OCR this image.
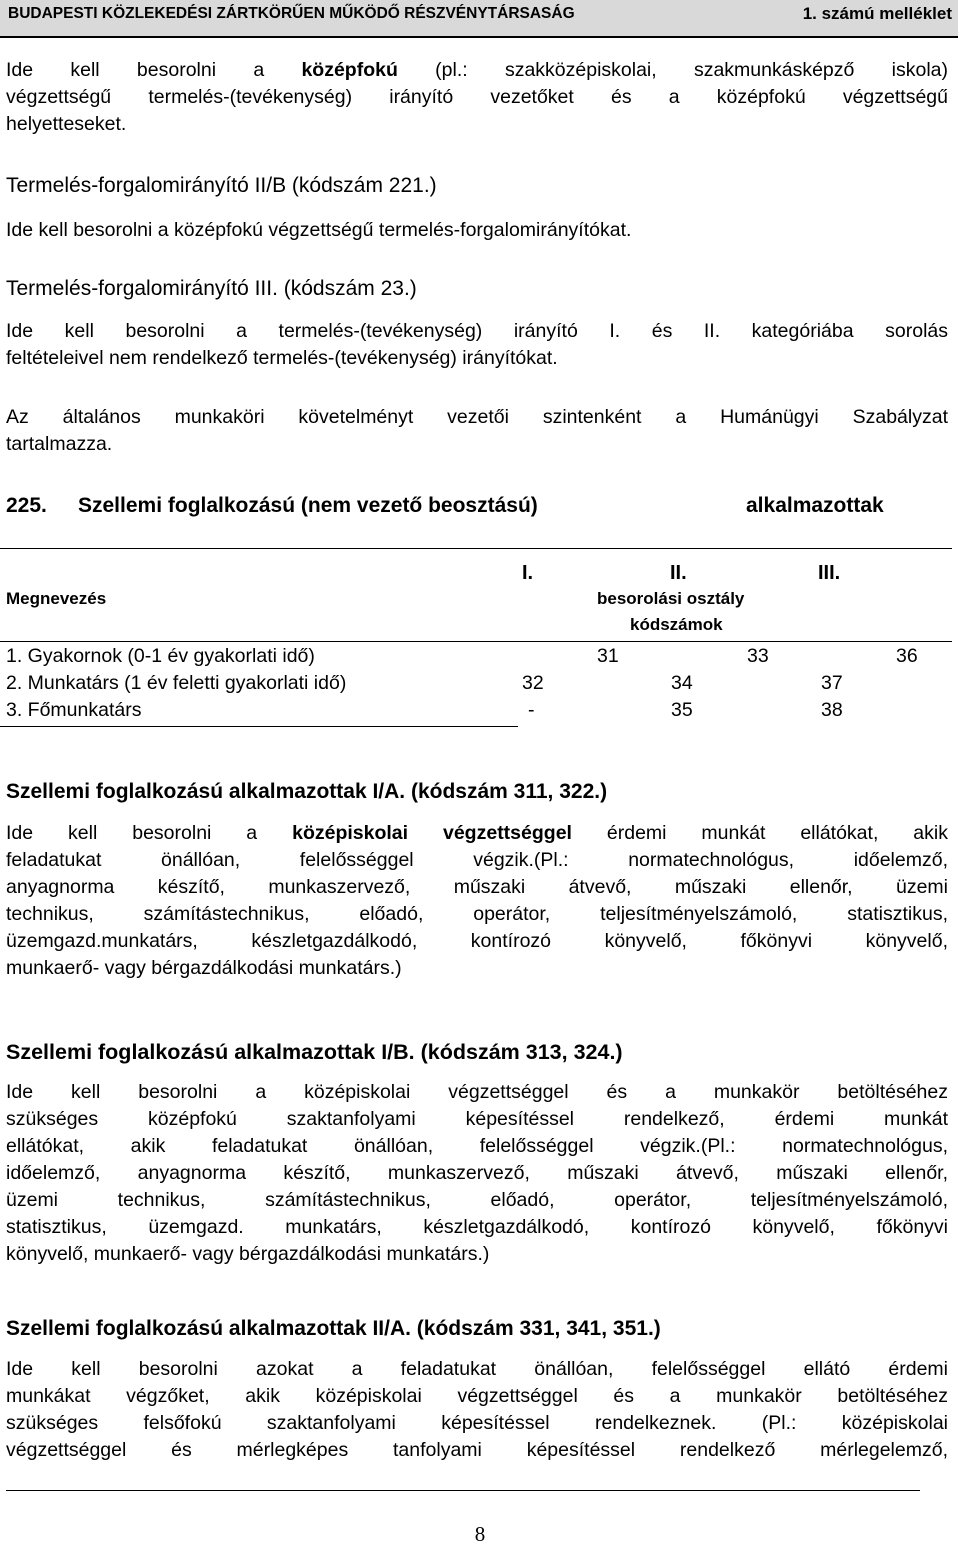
BUDAPESTI KÖZLEKEDÉSI ZÁRTKÖRŰEN MŰKÖDŐ RÉSZVÉNYTÁRSASÁG	1. számú melléklet
Ide kell besorolni a középfokú (pl.: szakközépiskolai, szakmunkásképző iskola)
végzettségű termelés-(tevékenység) irányító vezetőket és a középfokú végzettségű
helyetteseket.
Termelés-forgalomirányító II/B (kódszám 221.)
Ide kell besorolni a középfokú végzettségű termelés-forgalomirányítókat.
Termelés-forgalomirányító III. (kódszám 23.)
Ide kell besorolni a termelés-(tevékenység) irányító I. és II. kategóriába sorolás
feltételeivel nem rendelkező termelés-(tevékenység) irányítókat.
Az általános munkaköri követelményt vezetői szintenként a Humánügyi Szabályzat
tartalmazza.
225. Szellemi foglalkozású (nem vezető beosztású)	alkalmazottak
I.	II.	III.
Megnevezés	besorolási osztály
kódszámok
1. Gyakornok (0-1 év gyakorlati idő)	31	33	36
2. Munkatárs (1 év feletti gyakorlati idő)	32	34	37
3. Főmunkatárs	-	35	38
Szellemi foglalkozású alkalmazottak I/A. (kódszám 311, 322.)
Ide kell besorolni a középiskolai végzettséggel érdemi munkát ellátókat, akik
feladatukat önállóan, felelősséggel végzik.(Pl.: normatechnológus, időelemző,
anyagnorma készítő, munkaszervező, műszaki átvevő, műszaki ellenőr, üzemi
technikus, számítástechnikus, előadó, operátor, teljesítményelszámoló, statisztikus,
üzemgazd.munkatárs, készletgazdálkodó, kontírozó könyvelő, főkönyvi könyvelő,
munkaerő- vagy bérgazdálkodási munkatárs.)
Szellemi foglalkozású alkalmazottak I/B. (kódszám 313, 324.)
Ide kell besorolni a középiskolai végzettséggel és a munkakör betöltéséhez
szükséges középfokú szaktanfolyami képesítéssel rendelkező, érdemi munkát
ellátókat, akik feladatukat önállóan, felelősséggel végzik.(Pl.: normatechnológus,
időelemző, anyagnorma készítő, munkaszervező, műszaki átvevő, műszaki ellenőr,
üzemi technikus, számítástechnikus, előadó, operátor, teljesítményelszámoló,
statisztikus, üzemgazd. munkatárs, készletgazdálkodó, kontírozó könyvelő, főkönyvi
könyvelő, munkaerő- vagy bérgazdálkodási munkatárs.)
Szellemi foglalkozású alkalmazottak II/A. (kódszám 331, 341, 351.)
Ide kell besorolni azokat a feladatukat önállóan, felelősséggel ellátó érdemi
munkákat végzőket, akik középiskolai végzettséggel és a munkakör betöltéséhez
szükséges felsőfokú szaktanfolyami képesítéssel rendelkeznek. (Pl.: középiskolai
végzettséggel és mérlegképes tanfolyami képesítéssel rendelkező mérlegelemző,
8
